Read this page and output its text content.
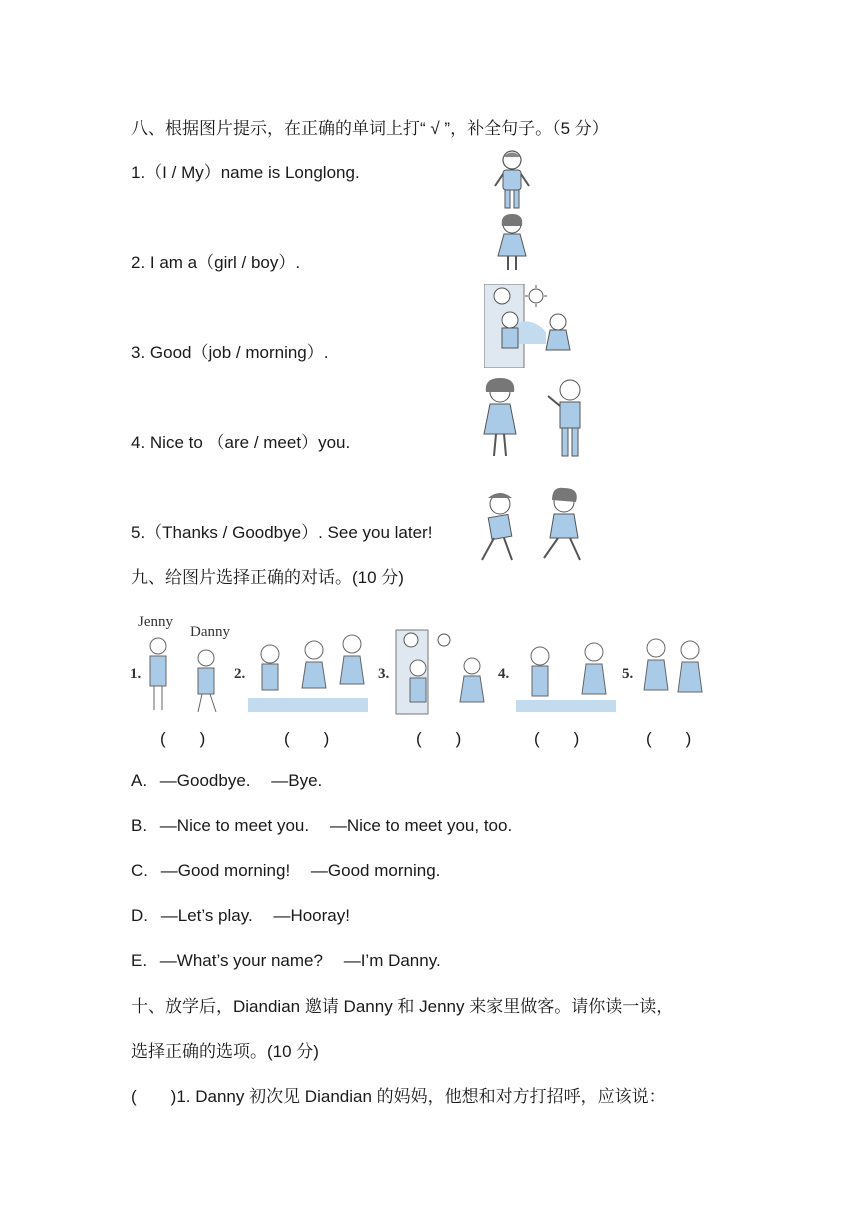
八、根据图片提示，在正确的单词上打“ √ ”，补全句子。（5 分）
1.（I / My）name is Longlong.
2. I am a（girl / boy）.
3. Good（job / morning）.
4. Nice to （are / meet）you.
5.（Thanks / Goodbye）. See you later!
九、给图片选择正确的对话。(10 分)
Jenny
Danny
1.	2.	3.	4.	5.
(　　)	(　　)	(　　)	(　　)	(　　)
A. —Goodbye. —Bye.
B. —Nice to meet you. —Nice to meet you, too.
C. —Good morning! —Good morning.
D. —Let’s play. —Hooray!
E. —What’s your name? —I’m Danny.
十、放学后，Diandian 邀请 Danny 和 Jenny 来家里做客。请你读一读，
选择正确的选项。(10 分)
(　　)1. Danny 初次见 Diandian 的妈妈，他想和对方打招呼，应该说：
